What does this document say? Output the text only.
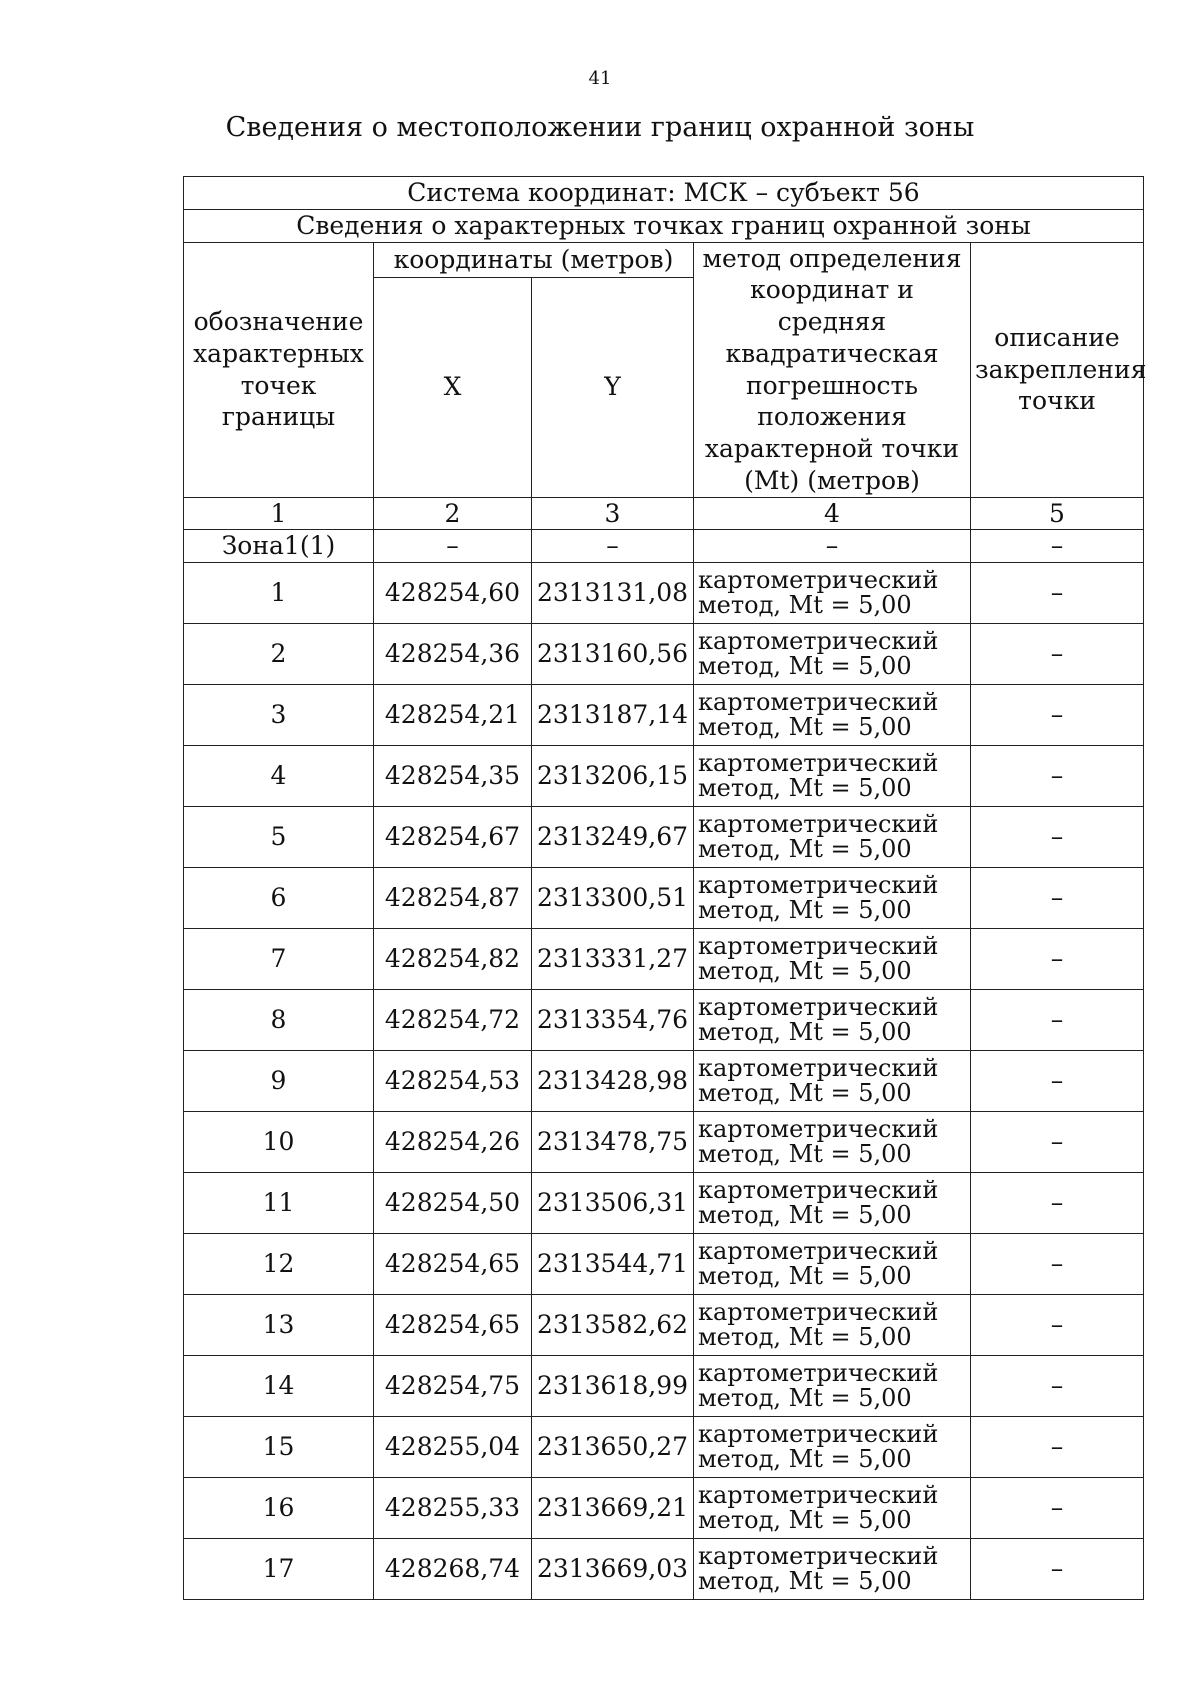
41
Сведения о местоположении границ охранной зоны
Система координат: МСК – субъект 56				
Сведения о характерных точках границ охранной зоны				
обозначение характерных точек границы	координаты (метров)		метод определения координат и средняя квадратическая погрешность положения характерной точки (Mt) (метров)	описание закрепления точки
	X	Y		
1	2	3	4	5
Зона1(1)	–	–	–	–
1	428254,60	2313131,08	картометрический метод, Mt = 5,00	–
2	428254,36	2313160,56	картометрический метод, Mt = 5,00	–
3	428254,21	2313187,14	картометрический метод, Mt = 5,00	–
4	428254,35	2313206,15	картометрический метод, Mt = 5,00	–
5	428254,67	2313249,67	картометрический метод, Mt = 5,00	–
6	428254,87	2313300,51	картометрический метод, Mt = 5,00	–
7	428254,82	2313331,27	картометрический метод, Mt = 5,00	–
8	428254,72	2313354,76	картометрический метод, Mt = 5,00	–
9	428254,53	2313428,98	картометрический метод, Mt = 5,00	–
10	428254,26	2313478,75	картометрический метод, Mt = 5,00	–
11	428254,50	2313506,31	картометрический метод, Mt = 5,00	–
12	428254,65	2313544,71	картометрический метод, Mt = 5,00	–
13	428254,65	2313582,62	картометрический метод, Mt = 5,00	–
14	428254,75	2313618,99	картометрический метод, Mt = 5,00	–
15	428255,04	2313650,27	картометрический метод, Mt = 5,00	–
16	428255,33	2313669,21	картометрический метод, Mt = 5,00	–
17	428268,74	2313669,03	картометрический метод, Mt = 5,00	–
